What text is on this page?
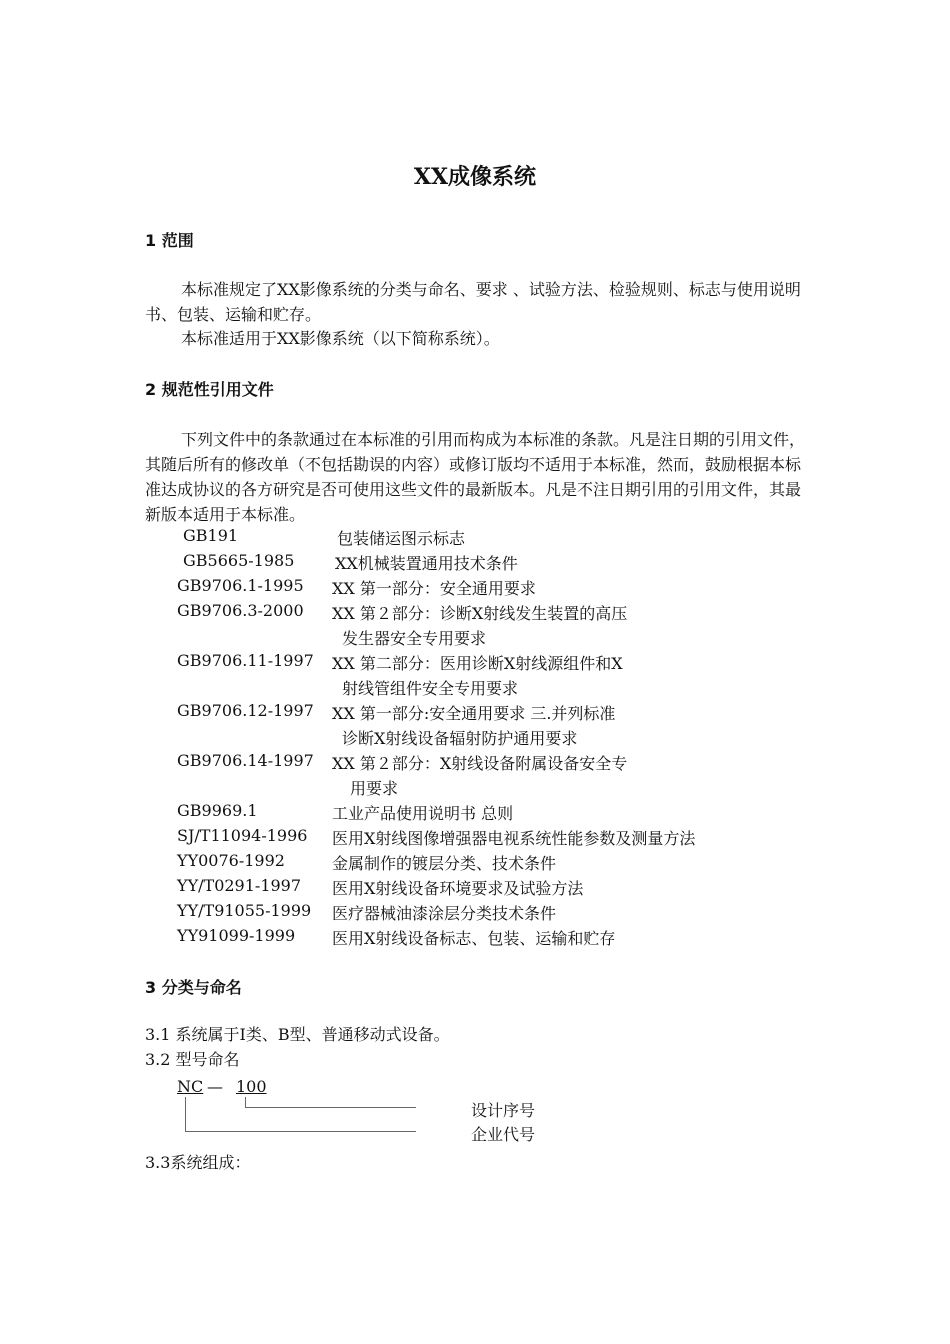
XX成像系统
1 范围

本标准规定了XX影像系统的分类与命名、要求 、试验方法、检验规则、标志与使用说明书、包装、运输和贮存。

本标准适用于XX影像系统（以下简称系统）。

2 规范性引用文件

下列文件中的条款通过在本标准的引用而构成为本标准的条款。凡是注日期的引用文件，其随后所有的修改单（不包括勘误的内容）或修订版均不适用于本标准，然而，鼓励根据本标准达成协议的各方研究是否可使用这些文件的最新版本。凡是不注日期引用的引用文件，其最新版本适用于本标准。

GB191	包装储运图示标志
GB5665-1985	XX机械装置通用技术条件
GB9706.1-1995 XX 第一部分：安全通用要求
GB9706.3-2000 XX 第２部分：诊断X射线发生装置的高压
发生器安全专用要求
GB9706.11-1997 XX 第二部分：医用诊断X射线源组件和X
射线管组件安全专用要求
GB9706.12-1997 XX 第一部分:安全通用要求 三.并列标准
诊断X射线设备辐射防护通用要求
GB9706.14-1997 XX 第２部分：X射线设备附属设备安全专
用要求
GB9969.1	工业产品使用说明书 总则
SJ/T11094-1996 医用X射线图像增强器电视系统性能参数及测量方法
YY0076-1992	金属制作的镀层分类、技术条件
YY/T0291-1997 医用X射线设备环境要求及试验方法
YY/T91055-1999 医疗器械油漆涂层分类技术条件
YY91099-1999 医用X射线设备标志、包装、运输和贮存
3 分类与命名
3.1 系统属于Ⅰ类、B型、普通移动式设备。
3.2 型号命名
NC — 100
设计序号
企业代号
3.3系统组成：
